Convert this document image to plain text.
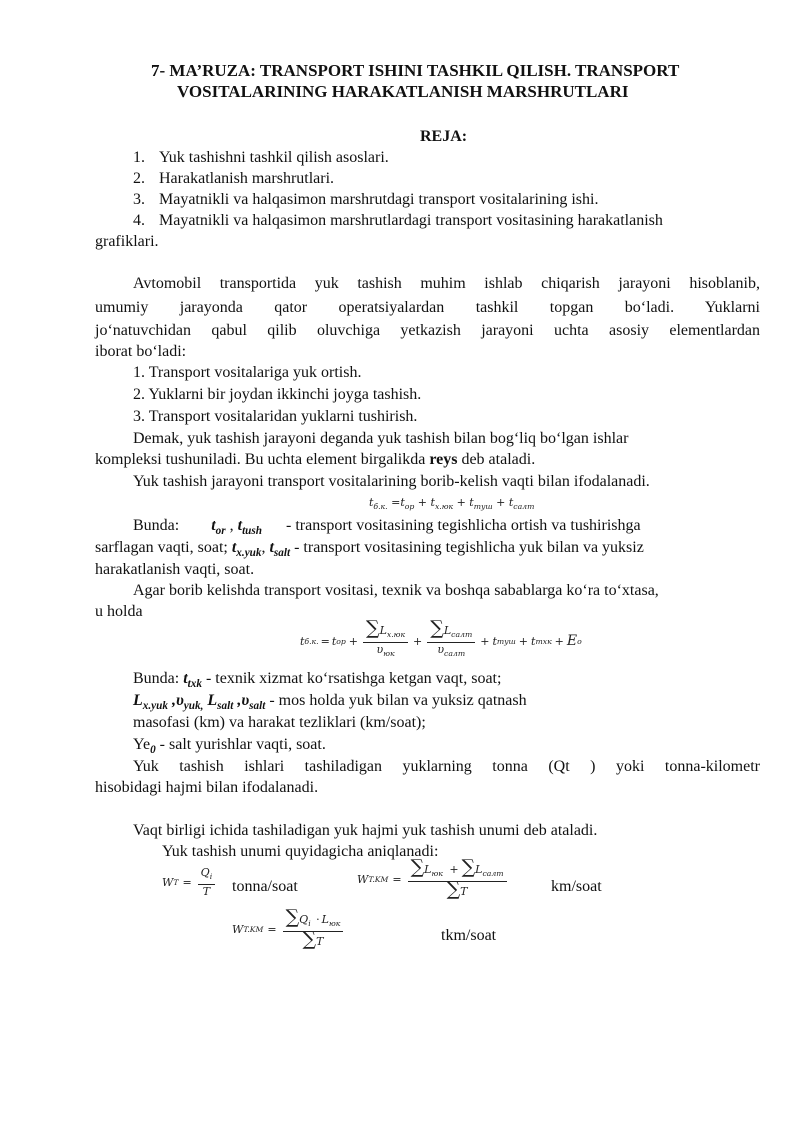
7- MA’RUZA: TRANSPORT ISHINI TASHKIL QILISH. TRANSPORT
VOSITALARINING HARAKATLANISH MARSHRUTLARI
REJA:
1. Yuk tashishni tashkil qilish asoslari.
2. Harakatlanish marshrutlari.
3. Mayatnikli va halqasimon marshrutdagi transport vositalarining ishi.
4. Mayatnikli va halqasimon marshrutlardagi transport vositasining harakatlanish
grafiklari.
Avtomobil transportida yuk tashish muhim ishlab chiqarish jarayoni hisoblanib,
umumiy jarayonda qator operatsiyalardan tashkil topgan bo‘ladi. Yuklarni
jo‘natuvchidan qabul qilib oluvchiga yetkazish jarayoni uchta asosiy elementlardan
iborat bo‘ladi:
1. Transport vositalariga yuk ortish.
2. Yuklarni bir joydan ikkinchi joyga tashish.
3. Transport vositalaridan yuklarni tushirish.
Demak, yuk tashish jarayoni deganda yuk tashish bilan bog‘liq bo‘lgan ishlar
kompleksi tushuniladi. Bu uchta element birgalikda reys deb ataladi.
Yuk tashish jarayoni transport vositalarining borib-kelish vaqti bilan ifodalanadi.
$t_{б.к.} =t_{op} + t_{х.юк} + t_{тyш} + t_{салт}$
Bunda: $t_{or}$ , $t_{tush}$ - transport vositasining tegishlicha ortish va tushirishga
sarflagan vaqti, soat; $t_{x.yuk}$, $t_{salt}$ - transport vositasining tegishlicha yuk bilan va yuksiz
harakatlanish vaqti, soat.
Agar borib kelishda transport vositasi, texnik va boshqa sabablarga ko‘ra to‘xtasa,
u holda
t б.к. = t op + $\frac{\sum L_{х.юк}}{\upsilon_{юк}} + \frac{\sum L_{салт}}{\upsilon_{салт}} + t$ тyш + t тхк + E o
Bunda: $t_{txk}$ - texnik xizmat ko‘rsatishga ketgan vaqt, soat;
$L_{x.yuk}$ $,\upsilon_{yuk,}$ $L_{salt}$ $,\upsilon_{salt}$ - mos holda yuk bilan va yuksiz qatnash
masofasi (km) va harakat tezliklari (km/soat);
$Ye_0$ - salt yurishlar vaqti, soat.
Yuk tashish ishlari tashiladigan yuklarning tonna (Qt ) yoki tonna-kilometr
hisobidagi hajmi bilan ifodalanadi.
Vaqt birligi ichida tashiladigan yuk hajmi yuk tashish unumi deb ataladi.
Yuk tashish unumi quyidagicha aniqlanadi:
W $T = \frac{Q_i}{T}$ tonna/soat	W $T.KM = \frac{\sum L_{юк} + \sum L_{салт}}{\sum T}$	km/soat
W $T.KM = \frac{\sum Q_i \cdot L_{юк}}{\sum T}$	tkm/soat
